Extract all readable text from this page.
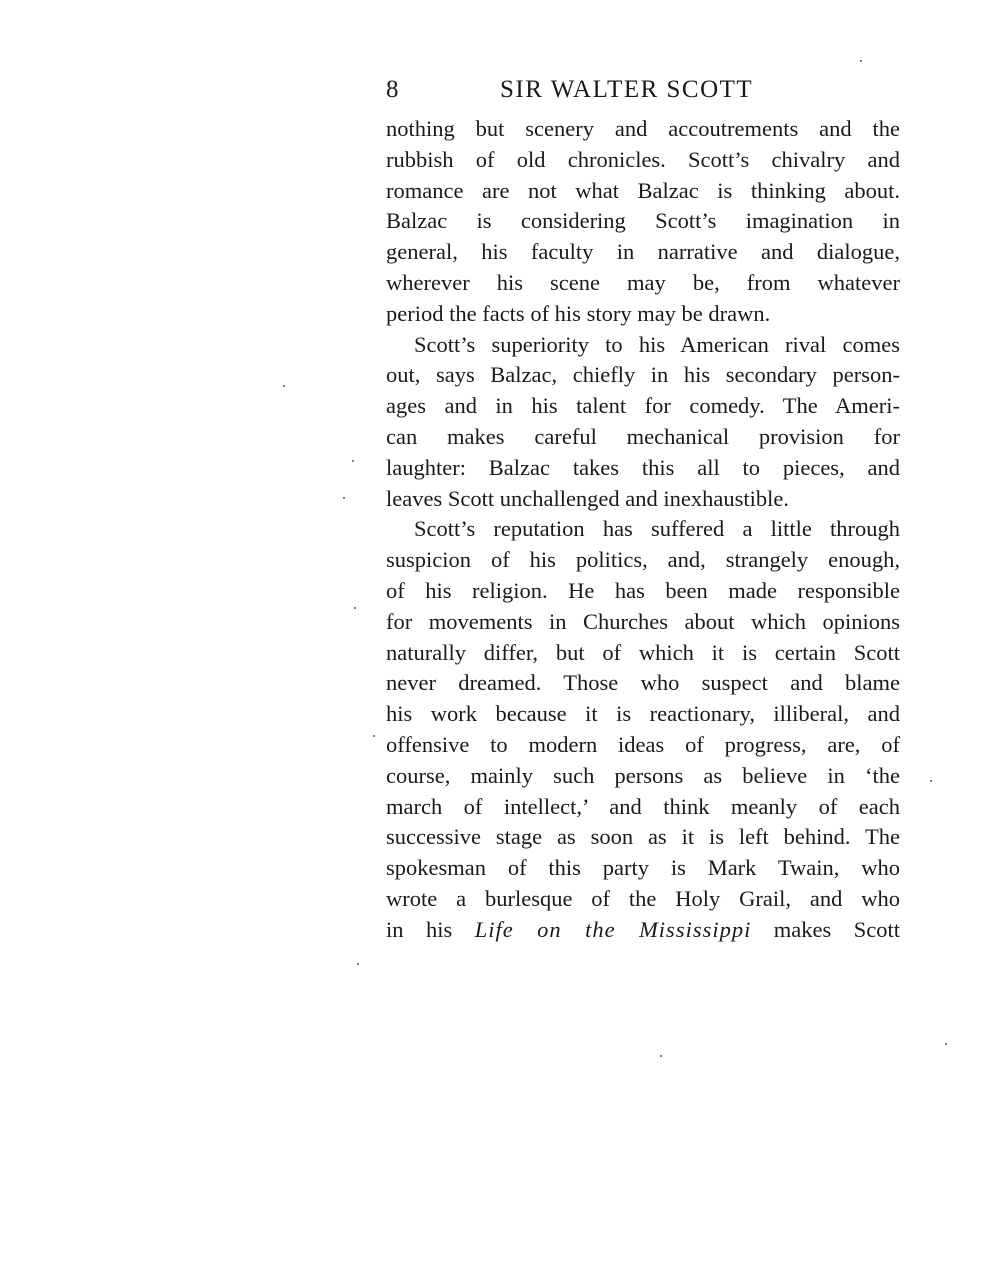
8	SIR WALTER SCOTT

nothing but scenery and accoutrements and the
rubbish of old chronicles. Scott’s chivalry and
romance are not what Balzac is thinking about.
Balzac is considering Scott’s imagination in
general, his faculty in narrative and dialogue,
wherever his scene may be, from whatever
period the facts of his story may be drawn.

Scott’s superiority to his American rival comes
out, says Balzac, chiefly in his secondary person-
ages and in his talent for comedy. The Ameri-
can makes careful mechanical provision for
laughter: Balzac takes this all to pieces, and
leaves Scott unchallenged and inexhaustible.

Scott’s reputation has suffered a little through
suspicion of his politics, and, strangely enough,
of his religion. He has been made responsible
for movements in Churches about which opinions
naturally differ, but of which it is certain Scott
never dreamed. Those who suspect and blame
his work because it is reactionary, illiberal, and
offensive to modern ideas of progress, are, of
course, mainly such persons as believe in ‘the
march of intellect,’ and think meanly of each
successive stage as soon as it is left behind. The
spokesman of this party is Mark Twain, who
wrote a burlesque of the Holy Grail, and who
in his Life on the Mississippi makes Scott
